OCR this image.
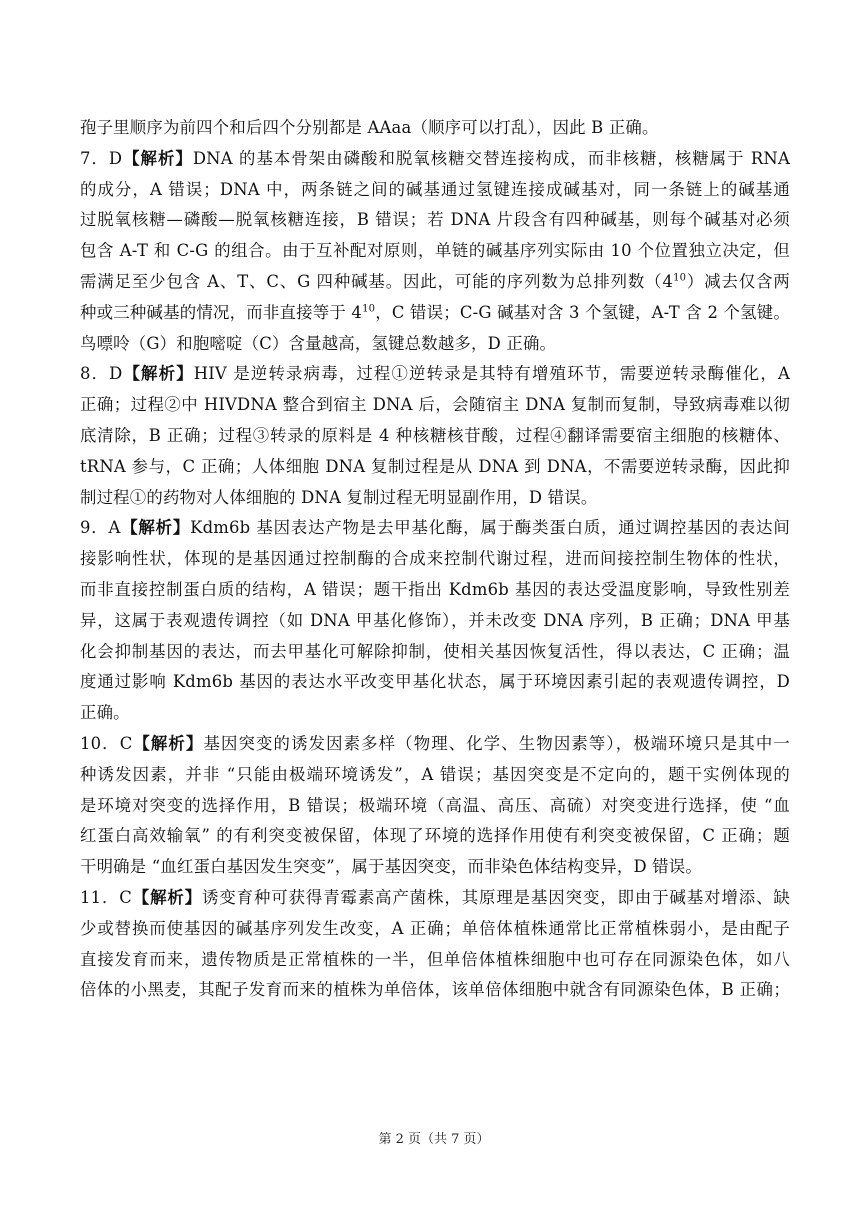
孢子里顺序为前四个和后四个分别都是 AAaa（顺序可以打乱），因此 B 正确。
7．D【解析】DNA 的基本骨架由磷酸和脱氧核糖交替连接构成，而非核糖，核糖属于 RNA
的成分，A 错误；DNA 中，两条链之间的碱基通过氢键连接成碱基对，同一条链上的碱基通
过脱氧核糖—磷酸—脱氧核糖连接，B 错误；若 DNA 片段含有四种碱基，则每个碱基对必须
包含 A-T 和 C-G 的组合。由于互补配对原则，单链的碱基序列实际由 10 个位置独立决定，但
需满足至少包含 A、T、C、G 四种碱基。因此，可能的序列数为总排列数$(4^{10})$减去仅含两
种或三种碱基的情况，而非直接等于 $4^{10}$，C 错误；C-G 碱基对含 3 个氢键，A-T 含 2 个氢键。
鸟嘌呤（G）和胞嘧啶（C）含量越高，氢键总数越多，D 正确。
8．D【解析】HIV 是逆转录病毒，过程①逆转录是其特有增殖环节，需要逆转录酶催化，A
正确；过程②中 HIVDNA 整合到宿主 DNA 后，会随宿主 DNA 复制而复制，导致病毒难以彻
底清除，B 正确；过程③转录的原料是 4 种核糖核苷酸，过程④翻译需要宿主细胞的核糖体、
tRNA 参与，C 正确；人体细胞 DNA 复制过程是从 DNA 到 DNA，不需要逆转录酶，因此抑
制过程①的药物对人体细胞的 DNA 复制过程无明显副作用，D 错误。
9．A【解析】Kdm6b 基因表达产物是去甲基化酶，属于酶类蛋白质，通过调控基因的表达间
接影响性状，体现的是基因通过控制酶的合成来控制代谢过程，进而间接控制生物体的性状，
而非直接控制蛋白质的结构，A 错误；题干指出 Kdm6b 基因的表达受温度影响，导致性别差
异，这属于表观遗传调控（如 DNA 甲基化修饰），并未改变 DNA 序列，B 正确；DNA 甲基
化会抑制基因的表达，而去甲基化可解除抑制，使相关基因恢复活性，得以表达，C 正确；温
度通过影响 Kdm6b 基因的表达水平改变甲基化状态，属于环境因素引起的表观遗传调控，D
正确。
10．C【解析】基因突变的诱发因素多样（物理、化学、生物因素等），极端环境只是其中一
种诱发因素，并非 “只能由极端环境诱发”，A 错误；基因突变是不定向的，题干实例体现的
是环境对突变的选择作用，B 错误；极端环境（高温、高压、高硫）对突变进行选择，使 “血
红蛋白高效输氧” 的有利突变被保留，体现了环境的选择作用使有利突变被保留，C 正确；题
干明确是 “血红蛋白基因发生突变”，属于基因突变，而非染色体结构变异，D 错误。
11．C【解析】诱变育种可获得青霉素高产菌株，其原理是基因突变，即由于碱基对增添、缺
少或替换而使基因的碱基序列发生改变，A 正确；单倍体植株通常比正常植株弱小，是由配子
直接发育而来，遗传物质是正常植株的一半，但单倍体植株细胞中也可存在同源染色体，如八
倍体的小黑麦，其配子发育而来的植株为单倍体，该单倍体细胞中就含有同源染色体，B 正确；
第 2 页（共 7 页）
